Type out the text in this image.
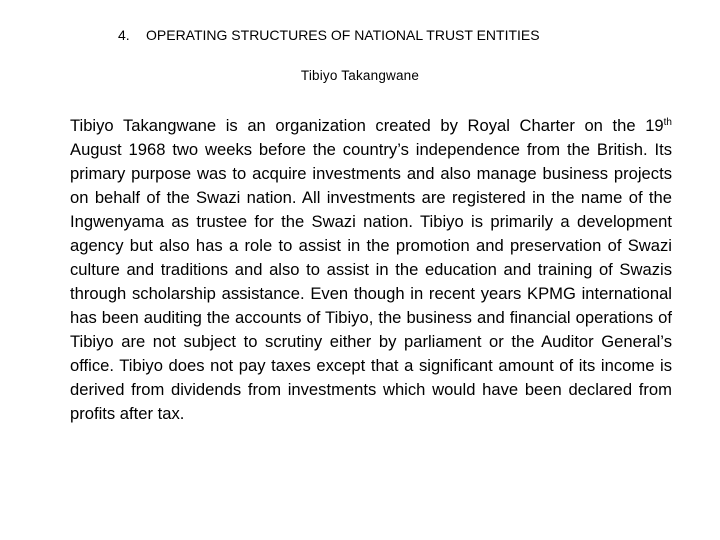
4. OPERATING STRUCTURES OF NATIONAL TRUST ENTITIES
Tibiyo Takangwane

Tibiyo Takangwane is an organization created by Royal Charter on the 19th August 1968 two weeks before the country’s independence from the British. Its primary purpose was to acquire investments and also manage business projects on behalf of the Swazi nation. All investments are registered in the name of the Ingwenyama as trustee for the Swazi nation. Tibiyo is primarily a development agency but also has a role to assist in the promotion and preservation of Swazi culture and traditions and also to assist in the education and training of Swazis through scholarship assistance. Even though in recent years KPMG international has been auditing the accounts of Tibiyo, the business and financial operations of Tibiyo are not subject to scrutiny either by parliament or the Auditor General’s office. Tibiyo does not pay taxes except that a significant amount of its income is derived from dividends from investments which would have been declared from profits after tax.
